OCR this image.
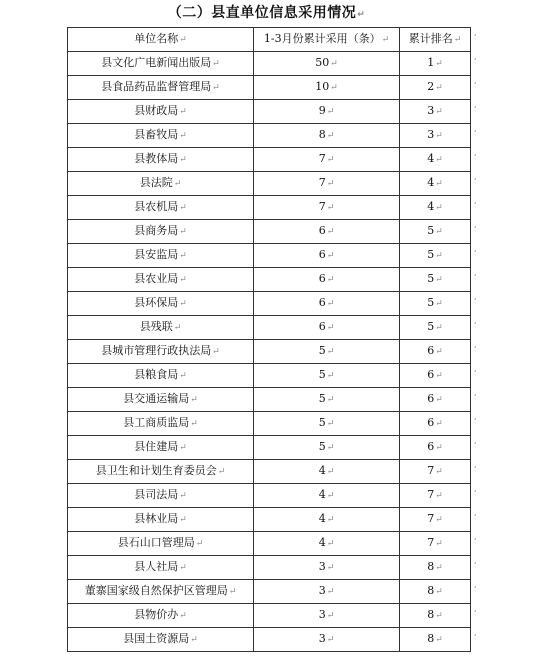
（二）县直单位信息采用情况↵
单位名称↵	1-3月份累计采用（条）↵	累计排名↵
县文化广电新闻出版局↵	50↵	1↵
县食品药品监督管理局↵	10↵	2↵
县财政局↵	9↵	3↵
县畜牧局↵	8↵	3↵
县教体局↵	7↵	4↵
县法院↵	7↵	4↵
县农机局↵	7↵	4↵
县商务局↵	6↵	5↵
县安监局↵	6↵	5↵
县农业局↵	6↵	5↵
县环保局↵	6↵	5↵
县残联↵	6↵	5↵
县城市管理行政执法局↵	5↵	6↵
县粮食局↵	5↵	6↵
县交通运输局↵	5↵	6↵
县工商质监局↵	5↵	6↵
县住建局↵	5↵	6↵
县卫生和计划生育委员会↵	4↵	7↵
县司法局↵	4↵	7↵
县林业局↵	4↵	7↵
县石山口管理局↵	4↵	7↵
县人社局↵	3↵	8↵
董寨国家级自然保护区管理局↵	3↵	8↵
县物价办↵	3↵	8↵
县国土资源局↵	3↵	8↵
¸
¸
¸
¸
¸
¸
¸
¸
¸
¸
¸
¸
¸
¸
¸
¸
¸
¸
¸
¸
¸
¸
¸
¸
¸
¸
